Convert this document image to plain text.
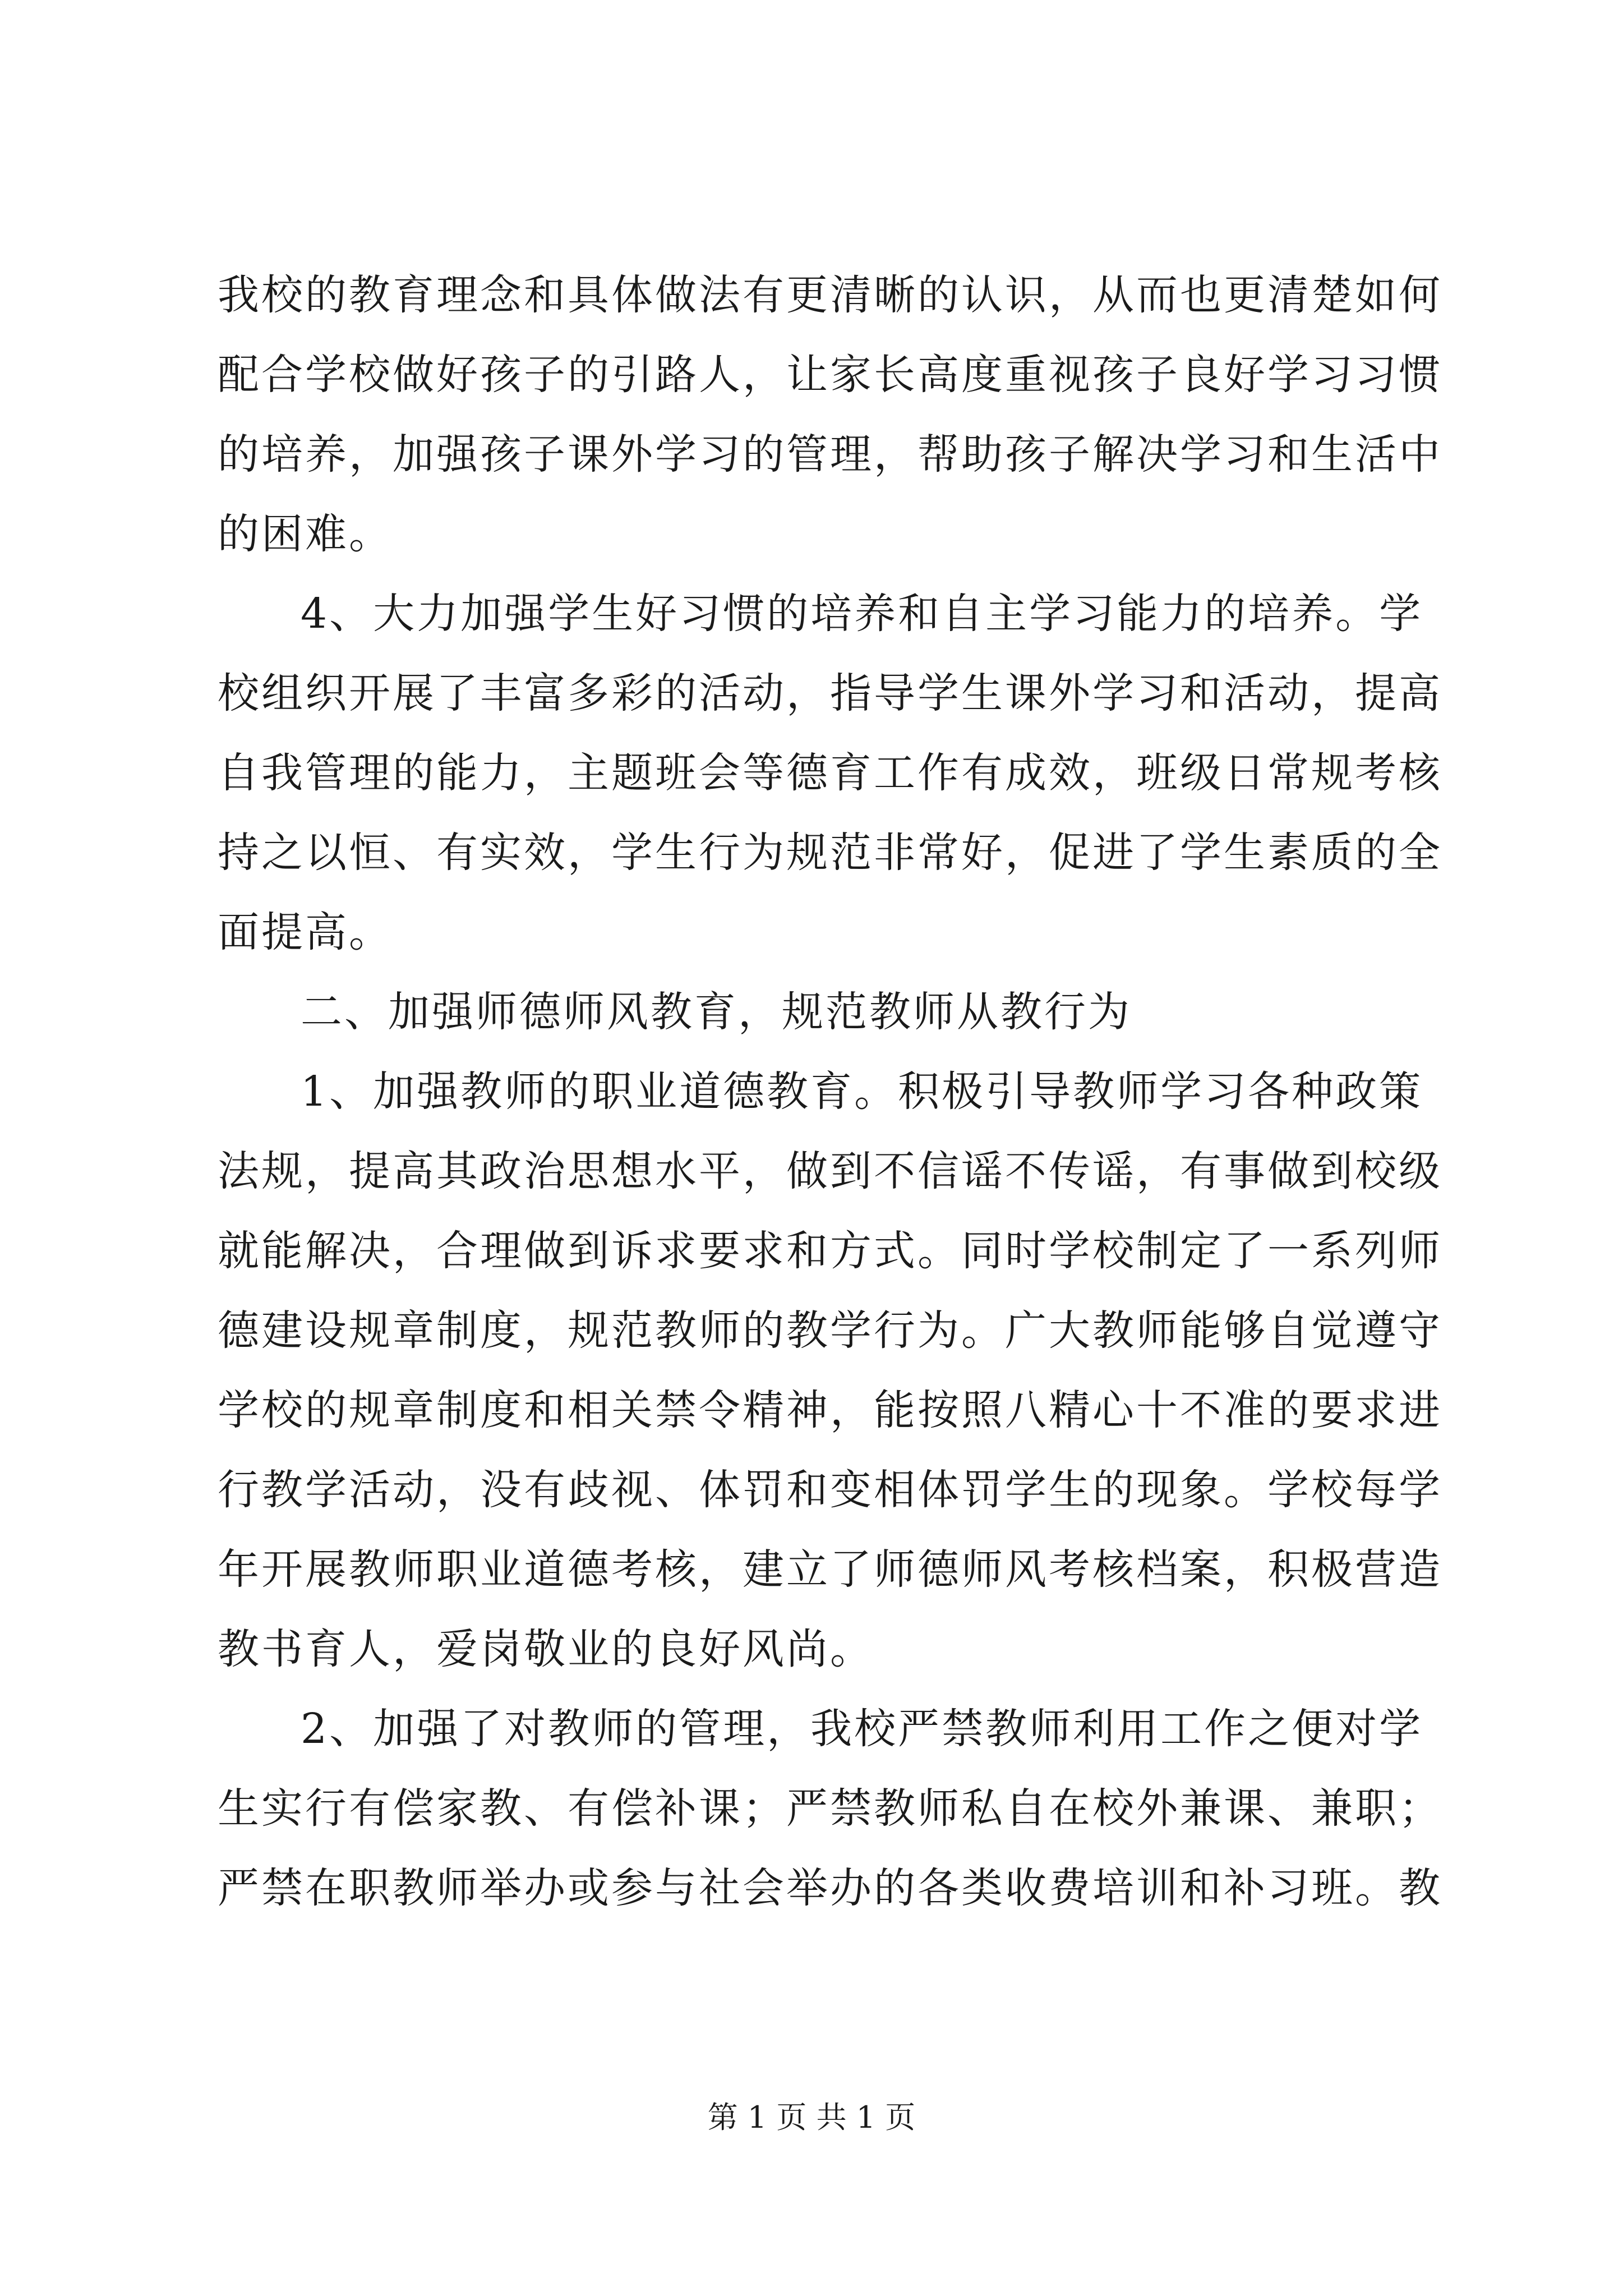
我校的教育理念和具体做法有更清晰的认识，从而也更清楚如何
配合学校做好孩子的引路人，让家长高度重视孩子良好学习习惯
的培养，加强孩子课外学习的管理，帮助孩子解决学习和生活中
的困难。
4、大力加强学生好习惯的培养和自主学习能力的培养。学
校组织开展了丰富多彩的活动，指导学生课外学习和活动，提高
自我管理的能力，主题班会等德育工作有成效，班级日常规考核
持之以恒、有实效，学生行为规范非常好，促进了学生素质的全
面提高。
二、加强师德师风教育，规范教师从教行为
1、加强教师的职业道德教育。积极引导教师学习各种政策
法规，提高其政治思想水平，做到不信谣不传谣，有事做到校级
就能解决，合理做到诉求要求和方式。同时学校制定了一系列师
德建设规章制度，规范教师的教学行为。广大教师能够自觉遵守
学校的规章制度和相关禁令精神，能按照八精心十不准的要求进
行教学活动，没有歧视、体罚和变相体罚学生的现象。学校每学
年开展教师职业道德考核，建立了师德师风考核档案，积极营造
教书育人，爱岗敬业的良好风尚。
2、加强了对教师的管理，我校严禁教师利用工作之便对学
生实行有偿家教、有偿补课；严禁教师私自在校外兼课、兼职；
严禁在职教师举办或参与社会举办的各类收费培训和补习班。教
第 1 页 共 1 页
